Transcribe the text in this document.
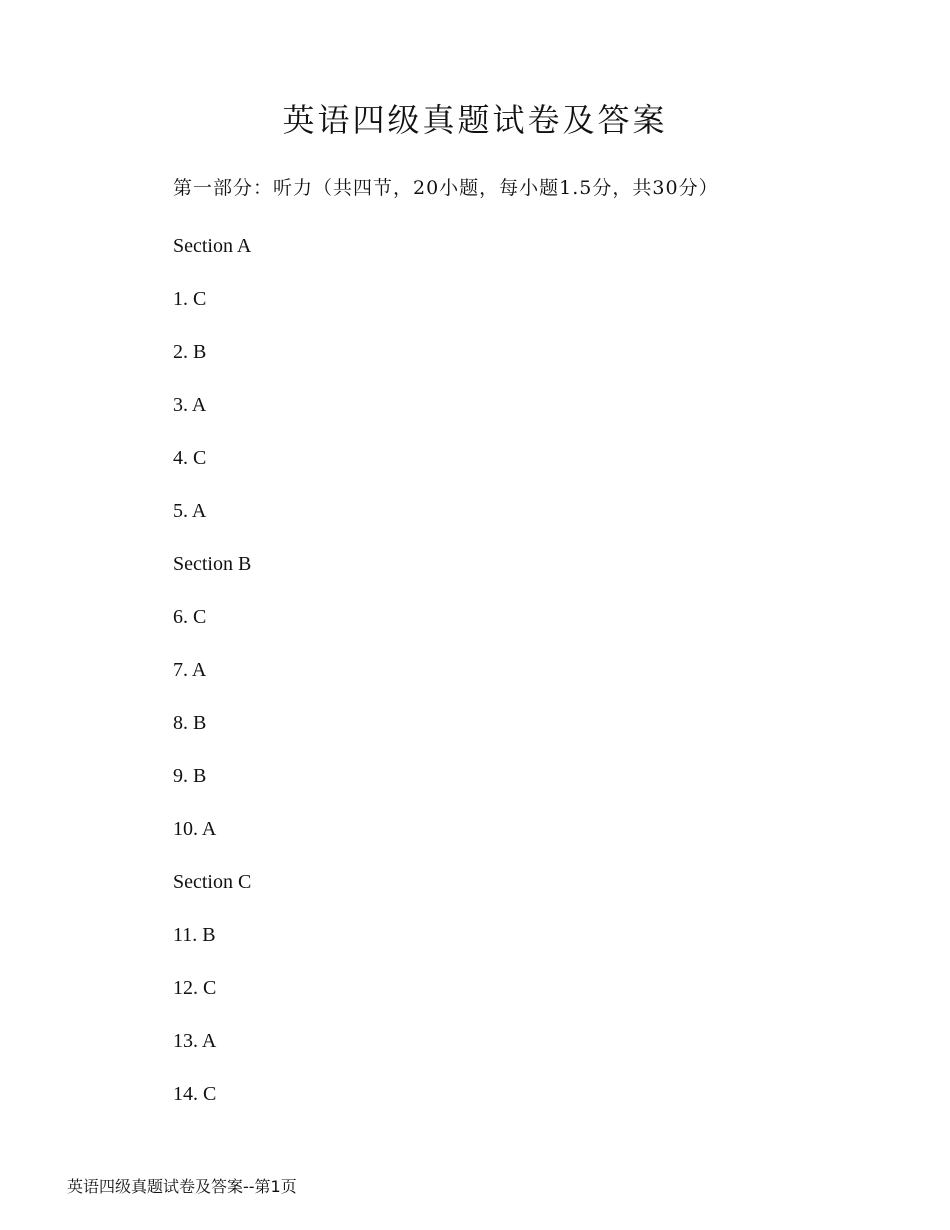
英语四级真题试卷及答案

第一部分：听力（共四节，20小题，每小题1.5分，共30分）

Section A
1. C
2. B
3. A
4. C
5. A
Section B
6. C
7. A
8. B
9. B
10. A
Section C
11. B
12. C
13. A
14. C
英语四级真题试卷及答案--第1页
